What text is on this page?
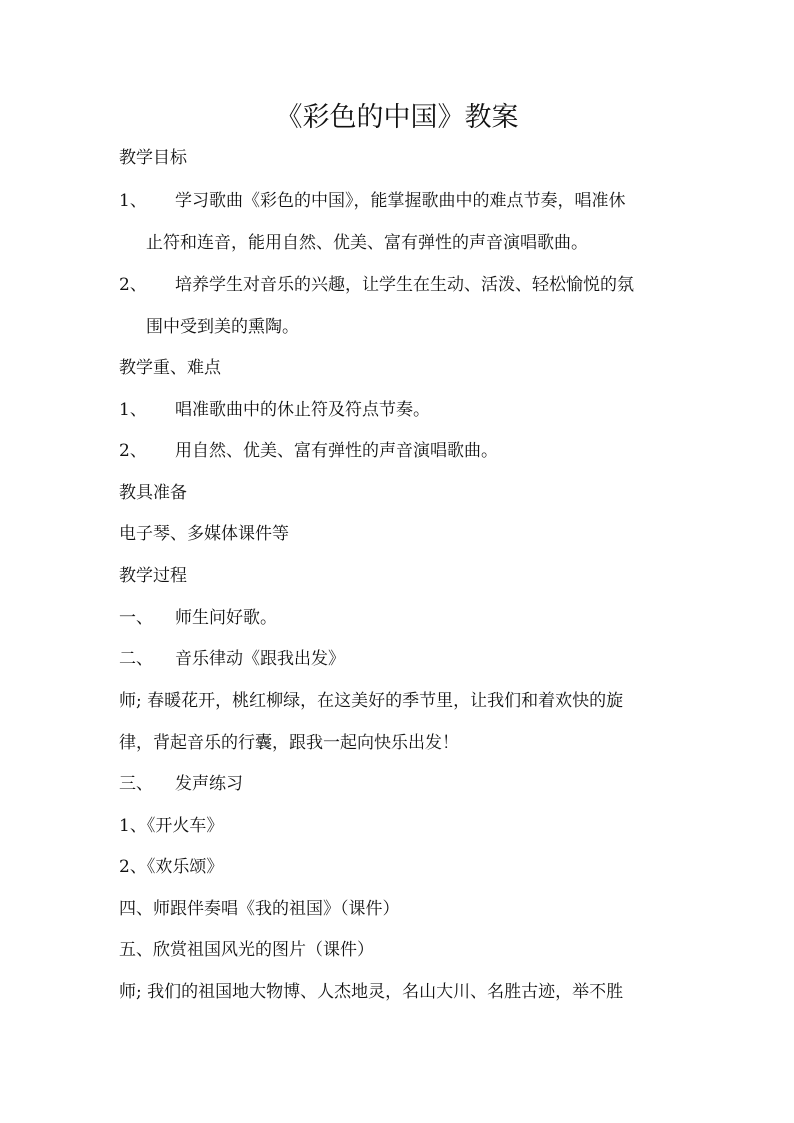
《彩色的中国》教案
教学目标
1、 学习歌曲《彩色的中国》，能掌握歌曲中的难点节奏，唱准休
止符和连音，能用自然、优美、富有弹性的声音演唱歌曲。
2、 培养学生对音乐的兴趣，让学生在生动、活泼、轻松愉悦的氛
围中受到美的熏陶。
教学重、难点
1、 唱准歌曲中的休止符及符点节奏。
2、 用自然、优美、富有弹性的声音演唱歌曲。
教具准备
电子琴、多媒体课件等
教学过程
一、 师生问好歌。
二、 音乐律动《跟我出发》
师; 春暖花开，桃红柳绿，在这美好的季节里，让我们和着欢快的旋
律，背起音乐的行囊，跟我一起向快乐出发！
三、 发声练习
1、《开火车》
2、《欢乐颂》
四、师跟伴奏唱《我的祖国》（课件）
五、欣赏祖国风光的图片（课件）
师; 我们的祖国地大物博、人杰地灵，名山大川、名胜古迹，举不胜
